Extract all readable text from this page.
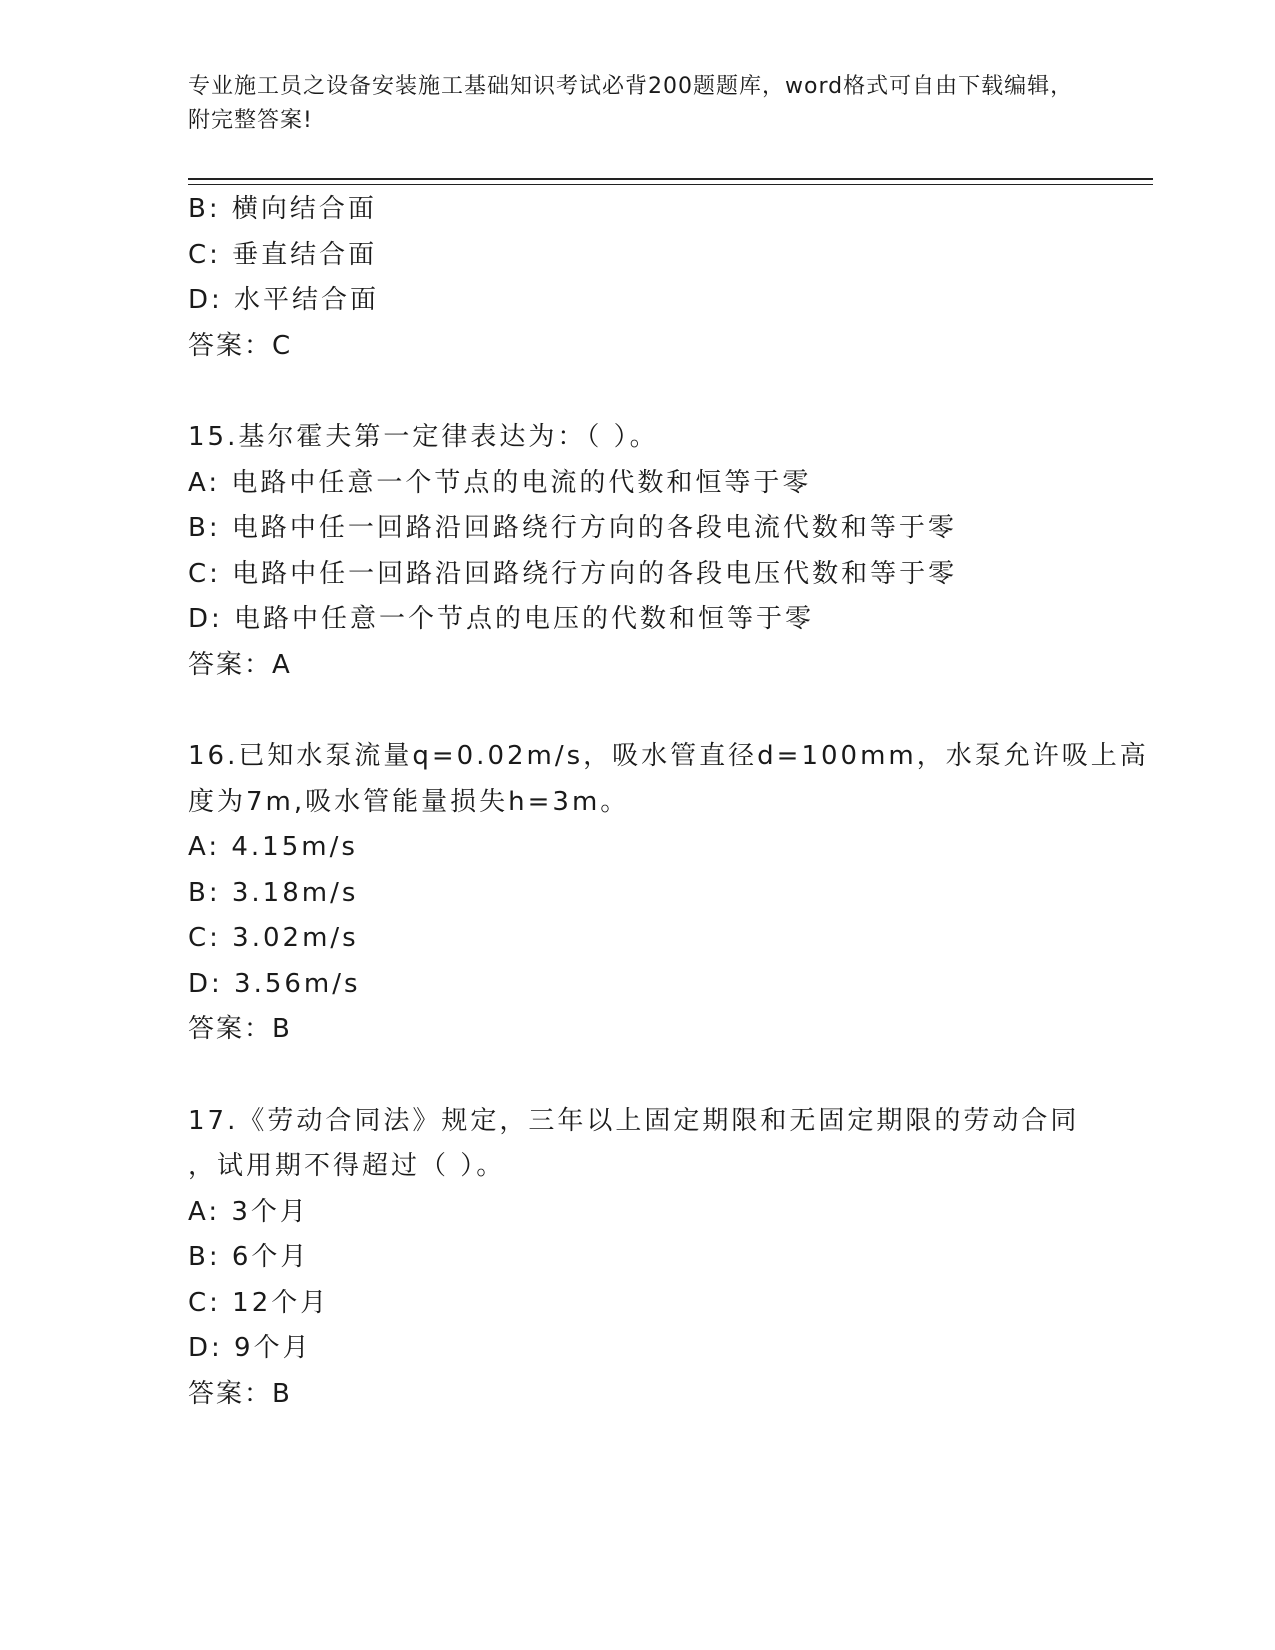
专业施工员之设备安装施工基础知识考试必背200题题库，word格式可自由下载编辑，附完整答案!
B: 横向结合面
C: 垂直结合面
D: 水平结合面
答案：C
15.基尔霍夫第一定律表达为：（ ）。
A: 电路中任意一个节点的电流的代数和恒等于零
B: 电路中任一回路沿回路绕行方向的各段电流代数和等于零
C: 电路中任一回路沿回路绕行方向的各段电压代数和等于零
D: 电路中任意一个节点的电压的代数和恒等于零
答案：A
16.已知水泵流量q=0.02m/s，吸水管直径d=100mm，水泵允许吸上高
度为7m,吸水管能量损失h=3m。
A: 4.15m/s
B: 3.18m/s
C: 3.02m/s
D: 3.56m/s
答案：B
17.《劳动合同法》规定，三年以上固定期限和无固定期限的劳动合同
，试用期不得超过（ ）。
A: 3个月
B: 6个月
C: 12个月
D: 9个月
答案：B
